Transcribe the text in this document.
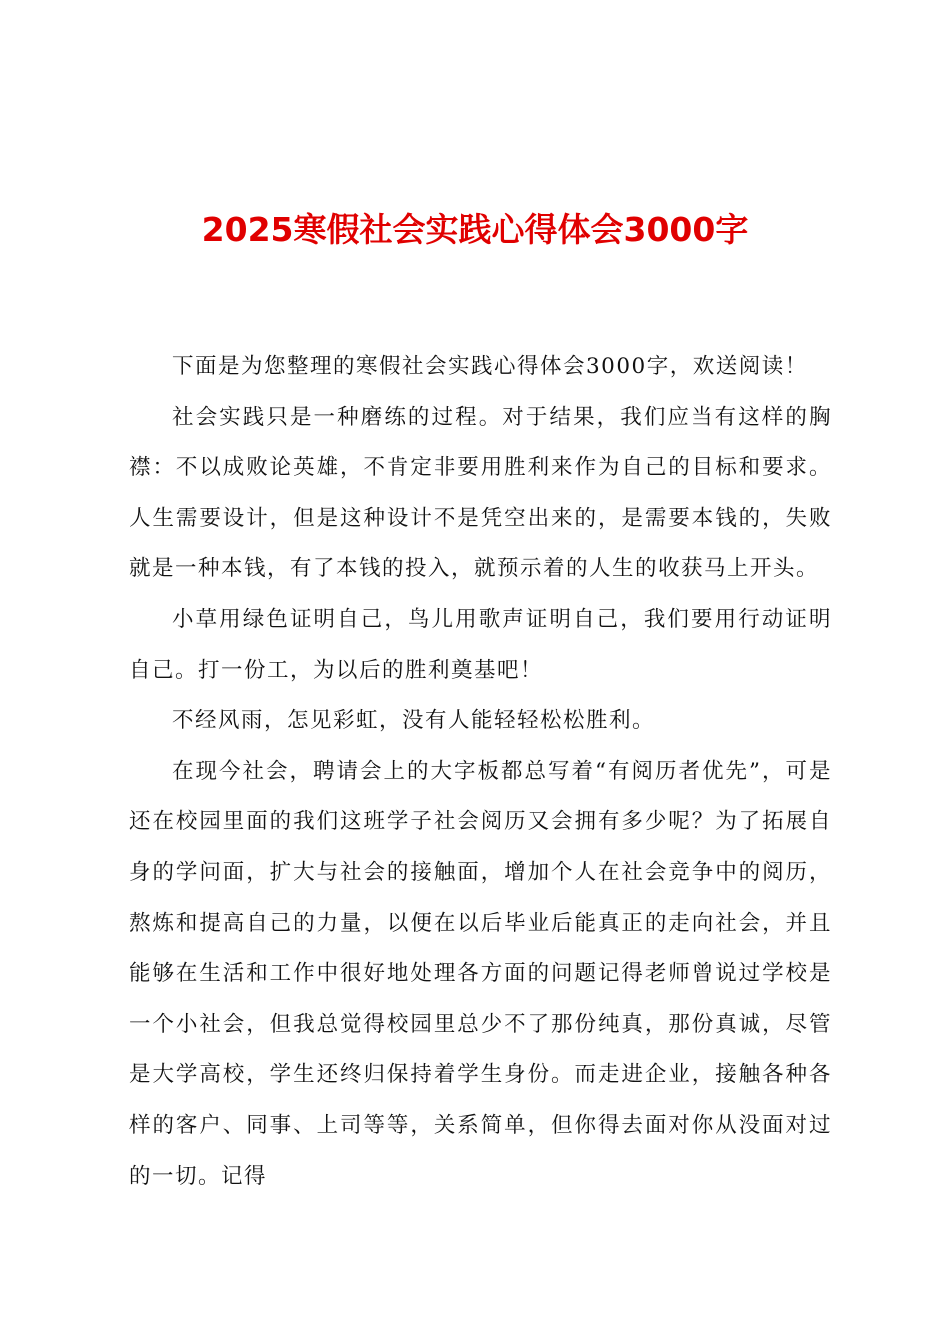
2025寒假社会实践心得体会3000字

下面是为您整理的寒假社会实践心得体会3000字，欢送阅读！

社会实践只是一种磨练的过程。对于结果，我们应当有这样的胸襟：不以成败论英雄，不肯定非要用胜利来作为自己的目标和要求。人生需要设计，但是这种设计不是凭空出来的，是需要本钱的，失败就是一种本钱，有了本钱的投入，就预示着的人生的收获马上开头。

小草用绿色证明自己，鸟儿用歌声证明自己，我们要用行动证明自己。打一份工，为以后的胜利奠基吧！

不经风雨，怎见彩虹，没有人能轻轻松松胜利。

在现今社会，聘请会上的大字板都总写着“有阅历者优先”，可是还在校园里面的我们这班学子社会阅历又会拥有多少呢？为了拓展自身的学问面，扩大与社会的接触面，增加个人在社会竞争中的阅历，熬炼和提高自己的力量，以便在以后毕业后能真正的走向社会，并且能够在生活和工作中很好地处理各方面的问题记得老师曾说过学校是一个小社会，但我总觉得校园里总少不了那份纯真，那份真诚，尽管是大学高校，学生还终归保持着学生身份。而走进企业，接触各种各样的客户、同事、上司等等，关系简单，但你得去面对你从没面对过的一切。记得
